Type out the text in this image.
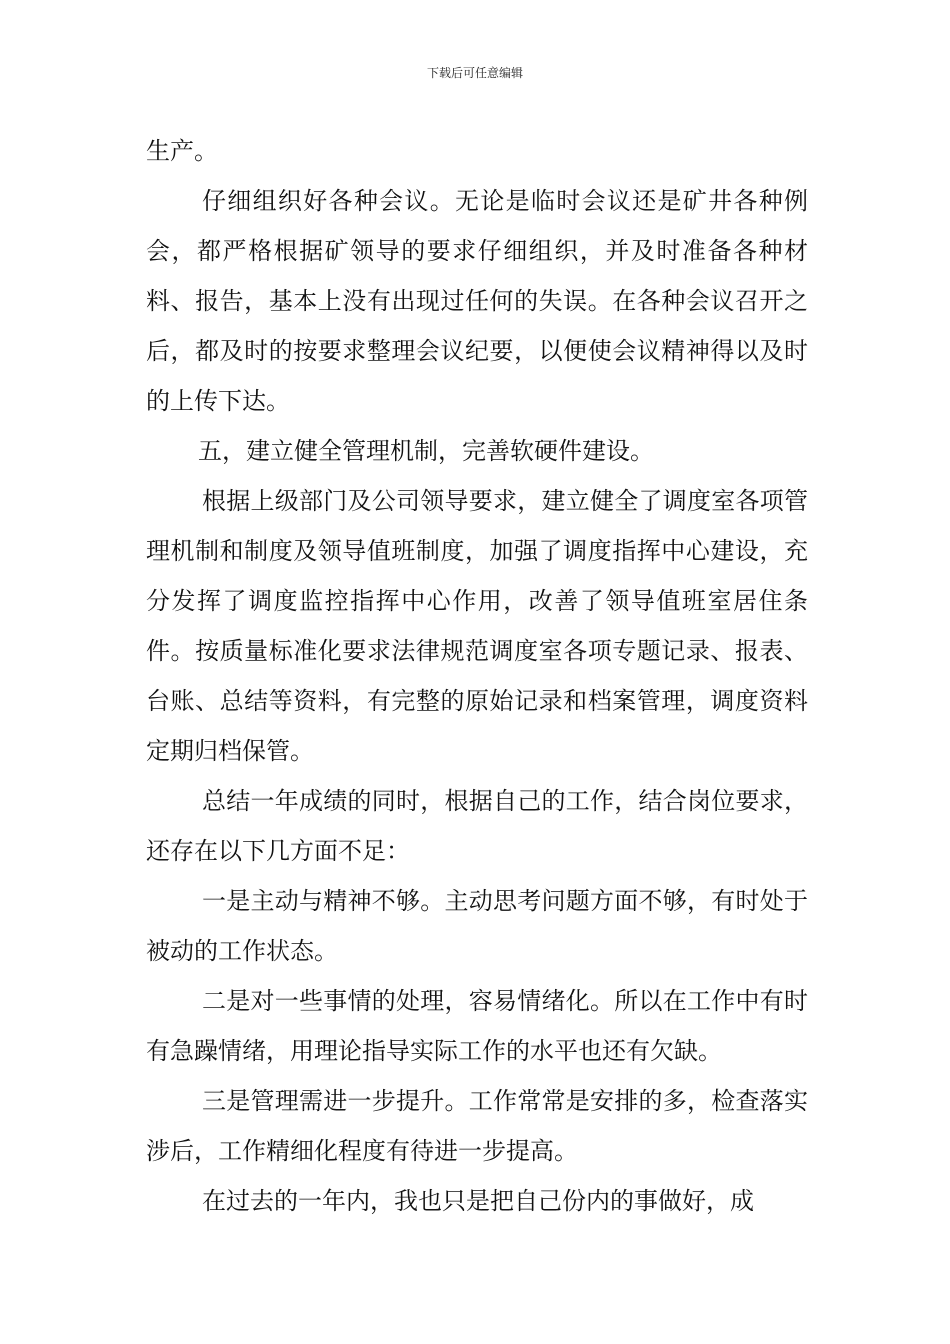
下载后可任意编辑

生产。

仔细组织好各种会议。无论是临时会议还是矿井各种例会，都严格根据矿领导的要求仔细组织，并及时准备各种材料、报告，基本上没有出现过任何的失误。在各种会议召开之后，都及时的按要求整理会议纪要，以便使会议精神得以及时的上传下达。

五，建立健全管理机制，完善软硬件建设。

根据上级部门及公司领导要求，建立健全了调度室各项管理机制和制度及领导值班制度，加强了调度指挥中心建设，充分发挥了调度监控指挥中心作用，改善了领导值班室居住条件。按质量标准化要求法律规范调度室各项专题记录、报表、台账、总结等资料，有完整的原始记录和档案管理，调度资料定期归档保管。

总结一年成绩的同时，根据自己的工作，结合岗位要求，还存在以下几方面不足：

一是主动与精神不够。主动思考问题方面不够，有时处于被动的工作状态。

二是对一些事情的处理，容易情绪化。所以在工作中有时有急躁情绪，用理论指导实际工作的水平也还有欠缺。

三是管理需进一步提升。工作常常是安排的多，检查落实涉后，工作精细化程度有待进一步提高。

在过去的一年内，我也只是把自己份内的事做好，成
